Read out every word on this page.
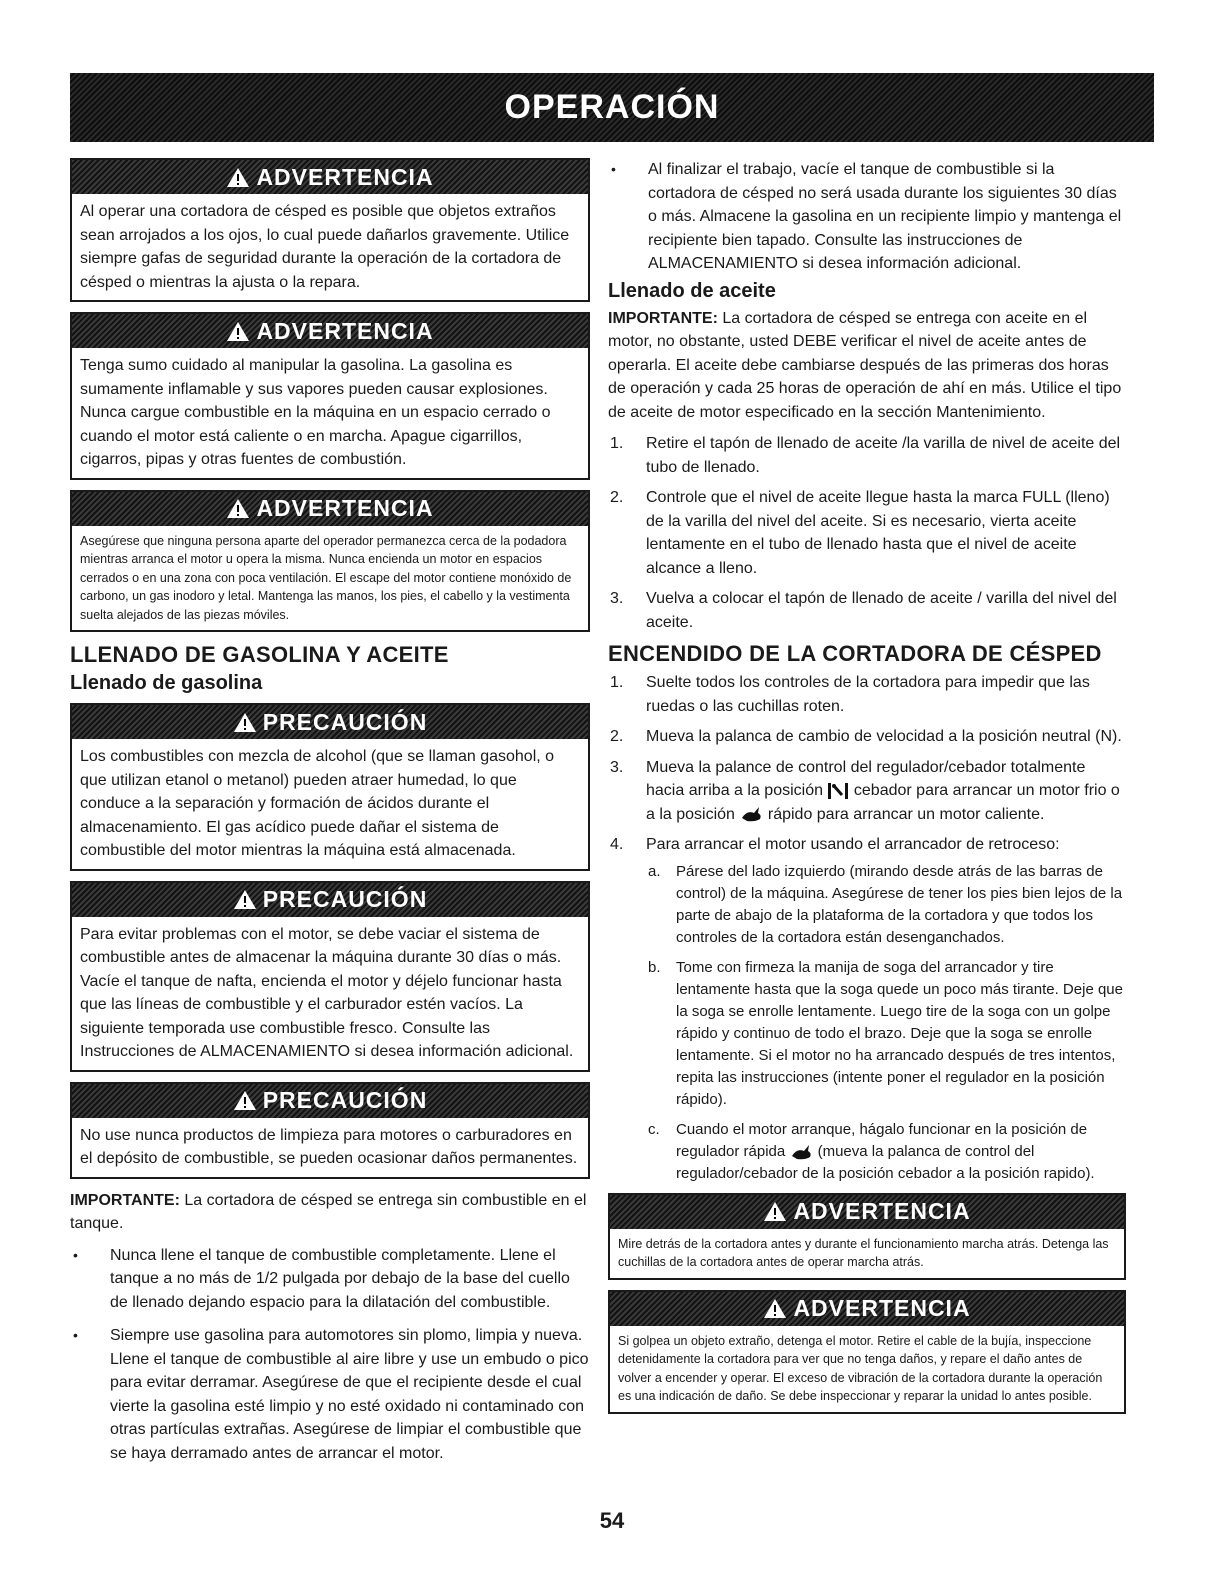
OPERACIÓN
ADVERTENCIA
Al operar una cortadora de césped es posible que objetos extraños sean arrojados a los ojos, lo cual puede dañarlos gravemente. Utilice siempre gafas de seguridad durante la operación de la cortadora de césped o mientras la ajusta o la repara.
ADVERTENCIA
Tenga sumo cuidado al manipular la gasolina. La gasolina es sumamente inflamable y sus vapores pueden causar explosiones. Nunca cargue combustible en la máquina en un espacio cerrado o cuando el motor está caliente o en marcha. Apague cigarrillos, cigarros, pipas y otras fuentes de combustión.
ADVERTENCIA
Asegúrese que ninguna persona aparte del operador permanezca cerca de la podadora mientras arranca el motor u opera la misma. Nunca encienda un motor en espacios cerrados o en una zona con poca ventilación. El escape del motor contiene monóxido de carbono, un gas inodoro y letal. Mantenga las manos, los pies, el cabello y la vestimenta suelta alejados de las piezas móviles.
LLENADO DE GASOLINA Y ACEITE
Llenado de gasolina
PRECAUCIÓN
Los combustibles con mezcla de alcohol (que se llaman gasohol, o que utilizan etanol o metanol) pueden atraer humedad, lo que conduce a la separación y formación de ácidos durante el almacenamiento. El gas acídico puede dañar el sistema de combustible del motor mientras la máquina está almacenada.
PRECAUCIÓN
Para evitar problemas con el motor, se debe vaciar el sistema de combustible antes de almacenar la máquina durante 30 días o más. Vacíe el tanque de nafta, encienda el motor y déjelo funcionar hasta que las líneas de combustible y el carburador estén vacíos. La siguiente temporada use combustible fresco. Consulte las Instrucciones de ALMACENAMIENTO si desea información adicional.
PRECAUCIÓN
No use nunca productos de limpieza para motores o carburadores en el depósito de combustible, se pueden ocasionar daños permanentes.

IMPORTANTE: La cortadora de césped se entrega sin combustible en el tanque.

• Nunca llene el tanque de combustible completamente. Llene el tanque a no más de 1/2 pulgada por debajo de la base del cuello de llenado dejando espacio para la dilatación del combustible.
• Siempre use gasolina para automotores sin plomo, limpia y nueva. Llene el tanque de combustible al aire libre y use un embudo o pico para evitar derramar. Asegúrese de que el recipiente desde el cual vierte la gasolina esté limpio y no esté oxidado ni contaminado con otras partículas extrañas. Asegúrese de limpiar el combustible que se haya derramado antes de arrancar el motor.
• Al finalizar el trabajo, vacíe el tanque de combustible si la cortadora de césped no será usada durante los siguientes 30 días o más. Almacene la gasolina en un recipiente limpio y mantenga el recipiente bien tapado. Consulte las instrucciones de ALMACENAMIENTO si desea información adicional.
Llenado de aceite

IMPORTANTE: La cortadora de césped se entrega con aceite en el motor, no obstante, usted DEBE verificar el nivel de aceite antes de operarla. El aceite debe cambiarse después de las primeras dos horas de operación y cada 25 horas de operación de ahí en más. Utilice el tipo de aceite de motor especificado en la sección Mantenimiento.

1. Retire el tapón de llenado de aceite /la varilla de nivel de aceite del tubo de llenado.
2. Controle que el nivel de aceite llegue hasta la marca FULL (lleno) de la varilla del nivel del aceite. Si es necesario, vierta aceite lentamente en el tubo de llenado hasta que el nivel de aceite alcance a lleno.
3. Vuelva a colocar el tapón de llenado de aceite / varilla del nivel del aceite.
ENCENDIDO DE LA CORTADORA DE CÉSPED
1. Suelte todos los controles de la cortadora para impedir que las ruedas o las cuchillas roten.
2. Mueva la palanca de cambio de velocidad a la posición neutral (N).
3. Mueva la palance de control del regulador/cebador totalmente hacia arriba a la posición cebador para arrancar un motor frio o a la posición rápido para arrancar un motor caliente.
4. Para arrancar el motor usando el arrancador de retroceso:
a. Párese del lado izquierdo (mirando desde atrás de las barras de control) de la máquina. Asegúrese de tener los pies bien lejos de la parte de abajo de la plataforma de la cortadora y que todos los controles de la cortadora están desenganchados.
b. Tome con firmeza la manija de soga del arrancador y tire lentamente hasta que la soga quede un poco más tirante. Deje que la soga se enrolle lentamente. Luego tire de la soga con un golpe rápido y continuo de todo el brazo. Deje que la soga se enrolle lentamente. Si el motor no ha arrancado después de tres intentos, repita las instrucciones (intente poner el regulador en la posición rápido).
c. Cuando el motor arranque, hágalo funcionar en la posición de regulador rápida (mueva la palanca de control del regulador/cebador de la posición cebador a la posición rapido).
ADVERTENCIA
Mire detrás de la cortadora antes y durante el funcionamiento marcha atrás. Detenga las cuchillas de la cortadora antes de operar marcha atrás.
ADVERTENCIA
Si golpea un objeto extraño, detenga el motor. Retire el cable de la bujía, inspeccione detenidamente la cortadora para ver que no tenga daños, y repare el daño antes de volver a encender y operar. El exceso de vibración de la cortadora durante la operación es una indicación de daño. Se debe inspeccionar y reparar la unidad lo antes posible.
54
